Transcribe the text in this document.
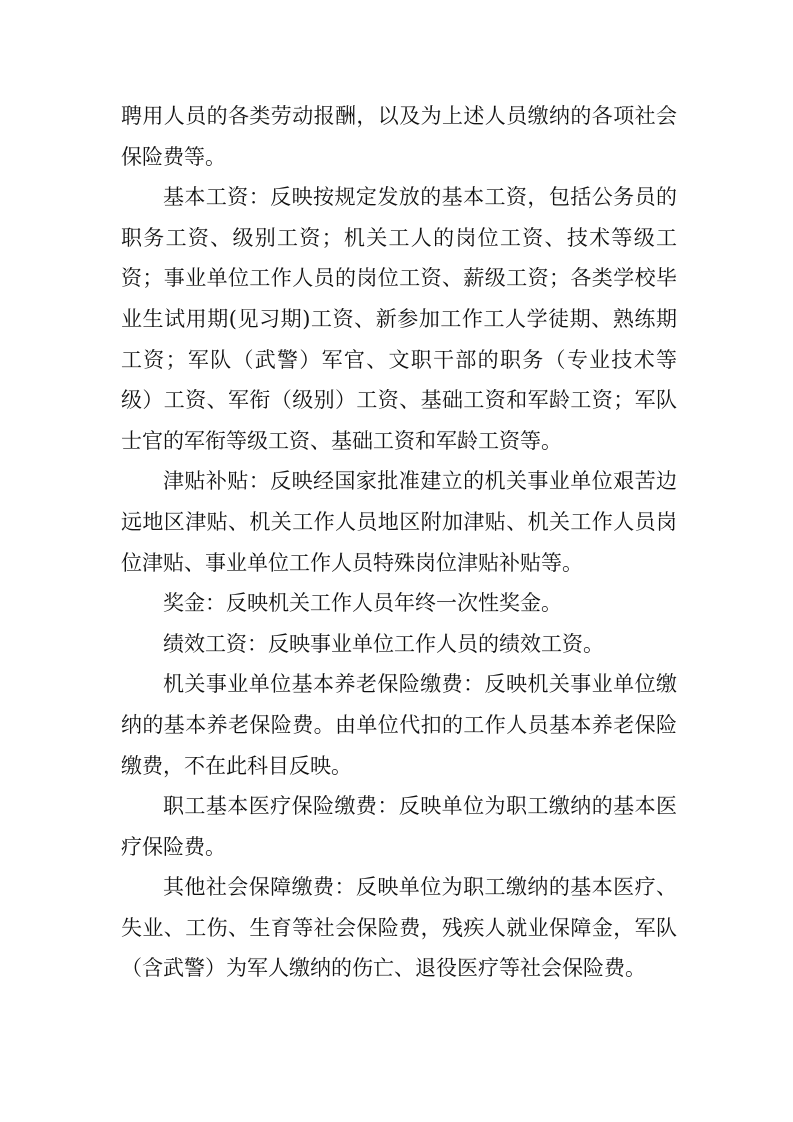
聘用人员的各类劳动报酬，以及为上述人员缴纳的各项社会保险费等。

基本工资：反映按规定发放的基本工资，包括公务员的职务工资、级别工资；机关工人的岗位工资、技术等级工资；事业单位工作人员的岗位工资、薪级工资；各类学校毕业生试用期(见习期)工资、新参加工作工人学徒期、熟练期工资；军队（武警）军官、文职干部的职务（专业技术等级）工资、军衔（级别）工资、基础工资和军龄工资；军队士官的军衔等级工资、基础工资和军龄工资等。

津贴补贴：反映经国家批准建立的机关事业单位艰苦边远地区津贴、机关工作人员地区附加津贴、机关工作人员岗位津贴、事业单位工作人员特殊岗位津贴补贴等。

奖金：反映机关工作人员年终一次性奖金。

绩效工资：反映事业单位工作人员的绩效工资。

机关事业单位基本养老保险缴费：反映机关事业单位缴纳的基本养老保险费。由单位代扣的工作人员基本养老保险缴费，不在此科目反映。

职工基本医疗保险缴费：反映单位为职工缴纳的基本医疗保险费。

其他社会保障缴费：反映单位为职工缴纳的基本医疗、失业、工伤、生育等社会保险费，残疾人就业保障金，军队（含武警）为军人缴纳的伤亡、退役医疗等社会保险费。
